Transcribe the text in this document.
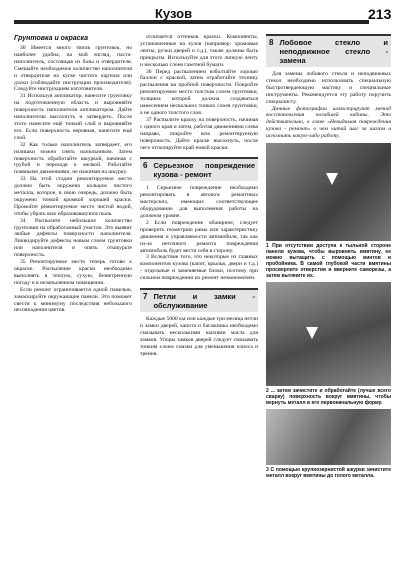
Кузов	213
Грунтовка и окраска

30 Имеется много типов грунтовок, но наиболее удобна, на мой взгляд, паста-наполнитель, состоящая из базы и отвердителя. Смешайте необходимое количество наполнителя и отвердителя на куске чистого картона или доски (соблюдайте инструкции производителя). Следуйте инструкциям изготовителя.

31 Используя аппликатор, нанесите грунтовку на подготовленную область и выровняйте поверхность наполнителя аппликатором. Дайте наполнителю высохнуть и затвердеть. После этого нанесите ещё тонкий слой и выровняйте его. Если поверхность неровная, нанесите ещё слой.

32 Как только наполнитель затвердеет, его излишки можно снять напильником. Затем поверхность обработайте шкуркой, начиная с грубой и переходя к мелкой. Работайте плавными движениями, не нажимая на шкурку.

33 На этой стадии ремонтируемое место должно быть окружено кольцом чистого металла, которое, в свою очередь, должно быть окружено тонкой кромкой хорошей краски. Промойте ремонтируемое место чистой водой, чтобы убрать всю образовавшуюся пыль.

34 Распылите небольшое количество грунтовки на обработанный участок. Это выявит любые дефекты поверхности наполнителя. Ликвидируйте дефекты новым слоем грунтовки или наполнителя и опять отшкурьте поверхность.

35 Ремонтируемое место теперь готово к окраске. Распыление краски необходимо выполнять в теплую, сухую, безветренную погоду и в незапыленном помещении.

Если ремонт ограничивается одной панелью, замаскируйте окружающие панели. Это поможет свести к минимуму последствия небольшого несовпадения цветов.

отличается оттенков краски. Компоненты, установленные на кузов (например: хромовые ленты, ручки дверей и т.д.), также должны быть прикрыты. Используйте для этого липкую ленту и несколько слоев газетной бумаги.

36 Перед распылением взболтайте хорошо баллон с краской, затем отработайте технику распыления на пробной поверхности. Покройте ремонтируемое место толстым слоем грунтовки, толщина которой должна создаваться нанесением нескольких тонких слоев грунтовки, а не одного толстого слоя.

37 Распылите краску на поверхность, начиная с одного края и затем, работая движениями слева направо, покройте всю ремонтируемую поверхность. Дайте краске высохнуть, после чего отполируйте край новой краски.

6 Серьезное повреждение кузова - ремонт

1 Серьезное повреждение необходимо ремонтировать в автоnow ремонтных мастерских, имеющих соответствующее оборудование для выполнения работы на должном уровне.

2 Если повреждение обширное, следует проверить геометрию рамы или характеристику движения и управляемости автомобиля, так как из-за неточного ремонта повреждения автомобиль будет вести себя в сторону.

3 Вследствие того, что некоторые из главных компонентов кузова (капот, крылья, двери и т.д.) - отдельные и заменяемые блоки, поэтому при сильном повреждении их ремонт неэкономичен.

7 Петли и замки - обслуживание

Каждые 5000 км или каждые три месяца петли и замки дверей, капота и багажника необходимо смазывать несколькими каплями масла для замков. Упоры замков дверей следует смазывать тонким слоем смазки для уменьшения износа и трения.

8 Лобовое стекло и неподвижное стекло - замена

Для замены лобового стекла и неподвижных стекол необходимо использовать специальную быстротвердеющую мастику и специальные инструменты. Рекомендуется эту работу поручить специалисту.

Данные фотографии иллюстрируют метод восстановления погибшей кабины. Это действительно, в главе «Невидимая повреждения кузова - ремонт» о чем читай шаг за шагом и исполнить какую-либо работу.

1 При отсутствии доступа к тыльной стороне панели кузова, чтобы выровнять вмятину, ее можно вытащить с помощью винтов и пробойника. В самой глубокой части вмятины просверлите отверстия и вверните саморезы, а затем вытяните их.
2 ... затем зачистите и обработайте (лучше всего сварку) поверхность вокруг вмятины, чтобы вернуть металл в его первоначальную форму.
3 С помощью крупнозернистой шкурки зачистите металл вокруг вмятины до голого металла.
